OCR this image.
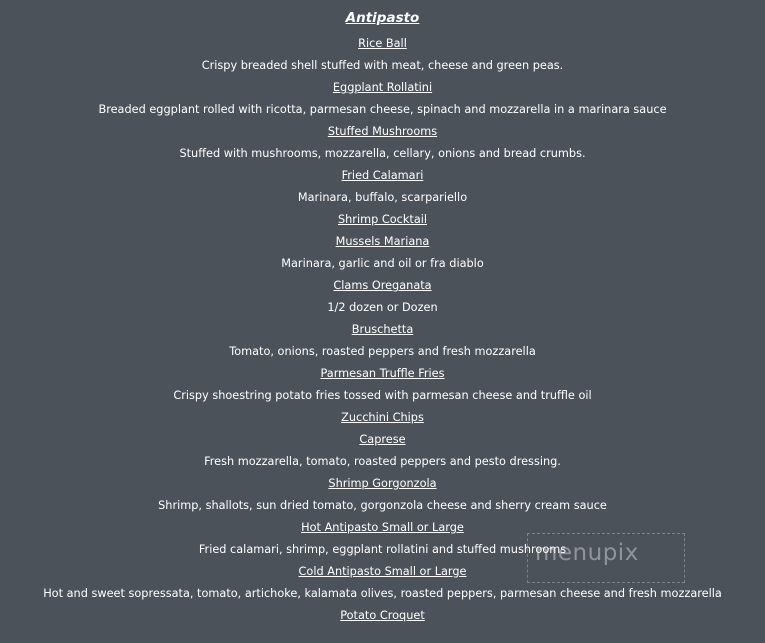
Antipasto
Rice Ball
Crispy breaded shell stuffed with meat, cheese and green peas.
Eggplant Rollatini
Breaded eggplant rolled with ricotta, parmesan cheese, spinach and mozzarella in a marinara sauce
Stuffed Mushrooms
Stuffed with mushrooms, mozzarella, cellary, onions and bread crumbs.
Fried Calamari
Marinara, buffalo, scarpariello
Shrimp Cocktail
Mussels Mariana
Marinara, garlic and oil or fra diablo
Clams Oreganata
1/2 dozen or Dozen
Bruschetta
Tomato, onions, roasted peppers and fresh mozzarella
Parmesan Truffle Fries
Crispy shoestring potato fries tossed with parmesan cheese and truffle oil
Zucchini Chips
Caprese
Fresh mozzarella, tomato, roasted peppers and pesto dressing.
Shrimp Gorgonzola
Shrimp, shallots, sun dried tomato, gorgonzola cheese and sherry cream sauce
Hot Antipasto Small or Large
Fried calamari, shrimp, eggplant rollatini and stuffed mushrooms
Cold Antipasto Small or Large
Hot and sweet sopressata, tomato, artichoke, kalamata olives, roasted peppers, parmesan cheese and fresh mozzarella
Potato Croquet
menupix
